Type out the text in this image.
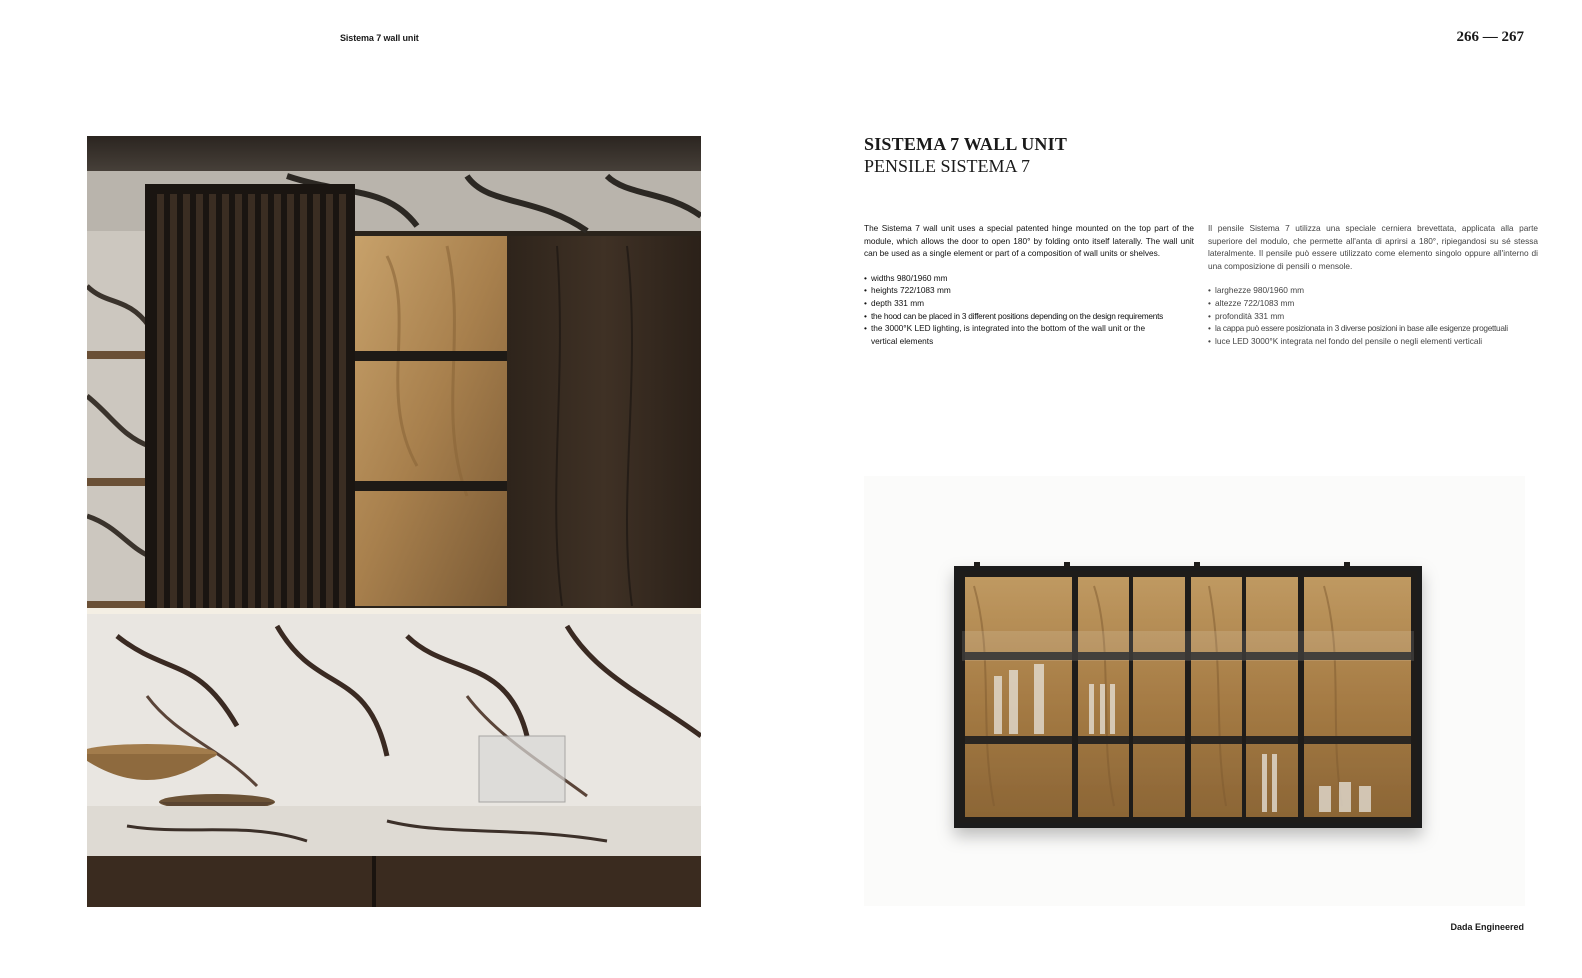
Sistema 7 wall unit	266 — 267
SISTEMA 7 WALL UNIT
PENSILE SISTEMA 7

The Sistema 7 wall unit uses a special patented hinge mounted on the top part of the module, which allows the door to open 180° by folding onto itself laterally. The wall unit can be used as a single element or part of a composition of wall units or shelves.

• widths 980/1960 mm
• heights 722/1083 mm
• depth 331 mm
• the hood can be placed in 3 different positions depending on the design requirements
• the 3000°K LED lighting, is integrated into the bottom of the wall unit or the vertical elements

Il pensile Sistema 7 utilizza una speciale cerniera brevettata, applicata alla parte superiore del modulo, che permette all'anta di aprirsi a 180°, ripiegandosi su sé stessa lateralmente. Il pensile può essere utilizzato come elemento singolo oppure all'interno di una composizione di pensili o mensole.

• larghezze 980/1960 mm
• altezze 722/1083 mm
• profondità 331 mm
• la cappa può essere posizionata in 3 diverse posizioni in base alle esigenze progettuali
• luce LED 3000°K integrata nel fondo del pensile o negli elementi verticali
Dada Engineered
